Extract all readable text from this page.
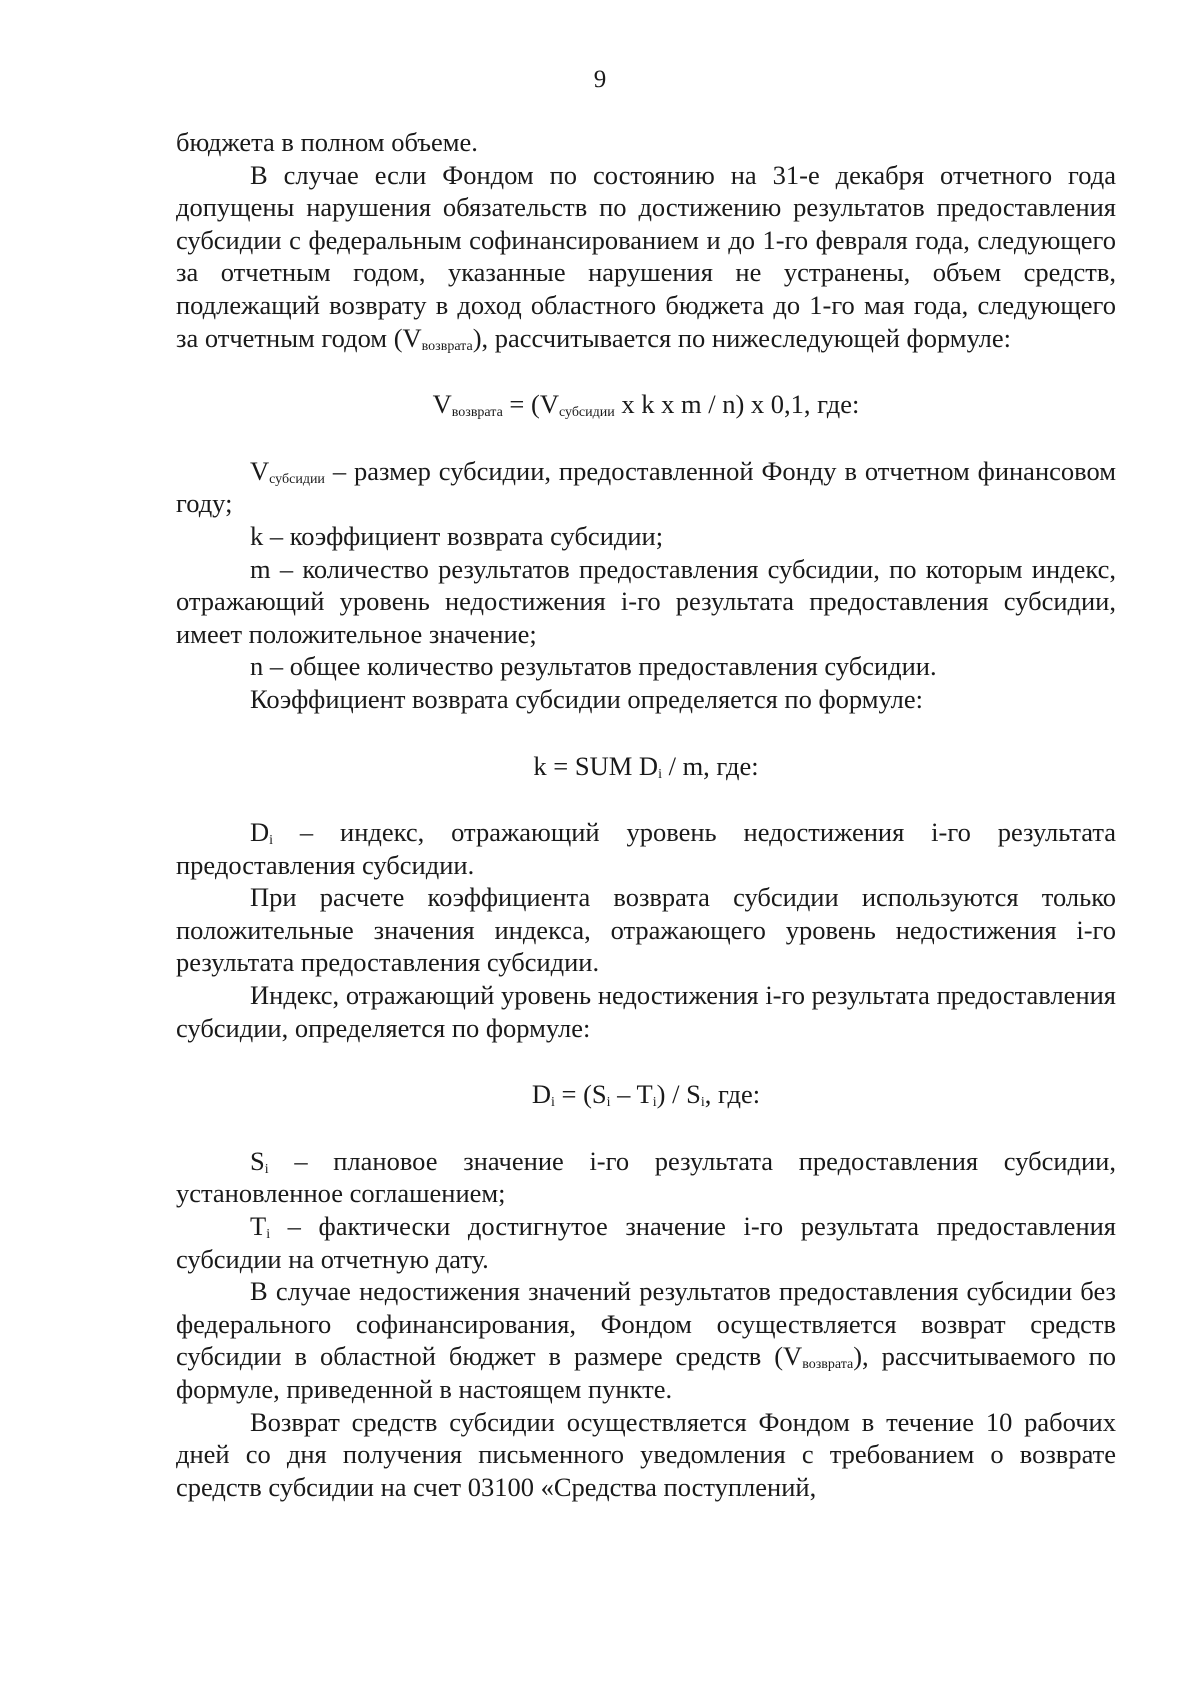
9

бюджета в полном объеме.

В случае если Фондом по состоянию на 31-е декабря отчетного года допущены нарушения обязательств по достижению результатов предоставления субсидии с федеральным софинансированием и до 1-го февраля года, следующего за отчетным годом, указанные нарушения не устранены, объем средств, подлежащий возврату в доход областного бюджета до 1-го мая года, следующего за отчетным годом $(V_{возврата})$, рассчитывается по нижеследующей формуле:

$V_{возврата} = (V_{субсидии}$ x k x m / n) x 0,1, где:

$V_{субсидии}$ – размер субсидии, предоставленной Фонду в отчетном финансовом году;

k – коэффициент возврата субсидии;

m – количество результатов предоставления субсидии, по которым индекс, отражающий уровень недостижения i-го результата предоставления субсидии, имеет положительное значение;

n – общее количество результатов предоставления субсидии.

Коэффициент возврата субсидии определяется по формуле:

k = SUM $D_i$ / m, где:

$D_i$ – индекс, отражающий уровень недостижения i-го результата предоставления субсидии.

При расчете коэффициента возврата субсидии используются только положительные значения индекса, отражающего уровень недостижения i-го результата предоставления субсидии.

Индекс, отражающий уровень недостижения i-го результата предоставления субсидии, определяется по формуле:

$D_i = (S_i - T_i) / S_i$, где:

$S_i$ – плановое значение i-го результата предоставления субсидии, установленное соглашением;

$T_i$ – фактически достигнутое значение i-го результата предоставления субсидии на отчетную дату.

В случае недостижения значений результатов предоставления субсидии без федерального софинансирования, Фондом осуществляется возврат средств субсидии в областной бюджет в размере средств $(V_{возврата})$, рассчитываемого по формуле, приведенной в настоящем пункте.

Возврат средств субсидии осуществляется Фондом в течение 10 рабочих дней со дня получения письменного уведомления с требованием о возврате средств субсидии на счет 03100 «Средства поступлений,
